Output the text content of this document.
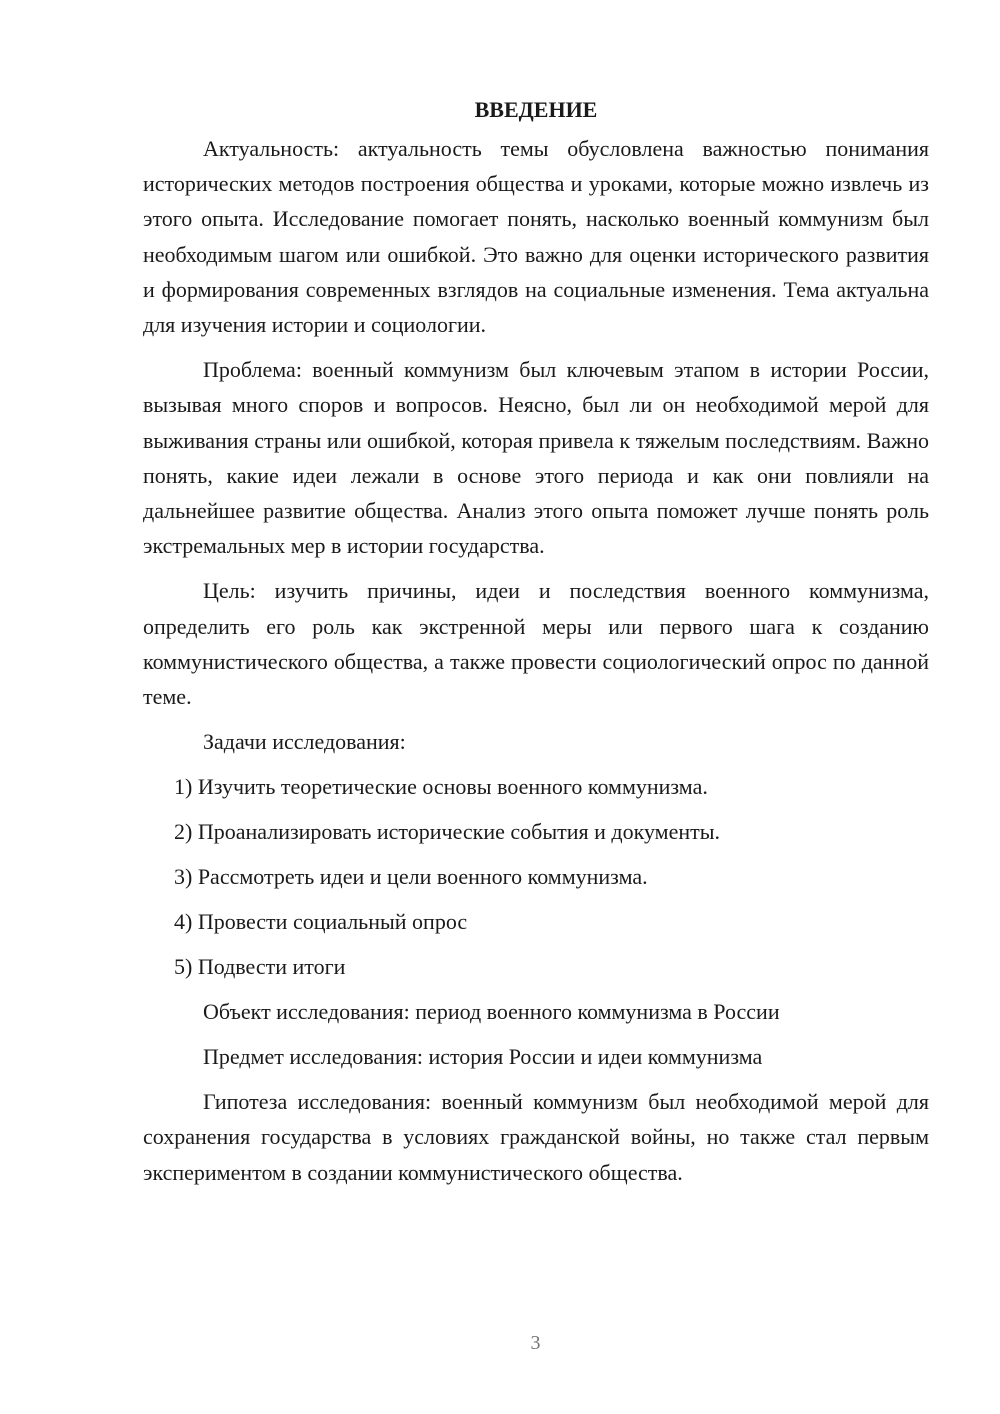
ВВЕДЕНИЕ

Актуальность: актуальность темы обусловлена важностью понимания исторических методов построения общества и уроками, которые можно извлечь из этого опыта. Исследование помогает понять, насколько военный коммунизм был необходимым шагом или ошибкой. Это важно для оценки исторического развития и формирования современных взглядов на социальные изменения. Тема актуальна для изучения истории и социологии.

Проблема: военный коммунизм был ключевым этапом в истории России, вызывая много споров и вопросов. Неясно, был ли он необходимой мерой для выживания страны или ошибкой, которая привела к тяжелым последствиям. Важно понять, какие идеи лежали в основе этого периода и как они повлияли на дальнейшее развитие общества. Анализ этого опыта поможет лучше понять роль экстремальных мер в истории государства.

Цель: изучить причины, идеи и последствия военного коммунизма, определить его роль как экстренной меры или первого шага к созданию коммунистического общества, а также провести социологический опрос по данной теме.

Задачи исследования:
1) Изучить теоретические основы военного коммунизма.
2) Проанализировать исторические события и документы.
3) Рассмотреть идеи и цели военного коммунизма.
4) Провести социальный опрос
5) Подвести итоги
Объект исследования: период военного коммунизма в России
Предмет исследования: история России и идеи коммунизма

Гипотеза исследования: военный коммунизм был необходимой мерой для сохранения государства в условиях гражданской войны, но также стал первым экспериментом в создании коммунистического общества.

3
